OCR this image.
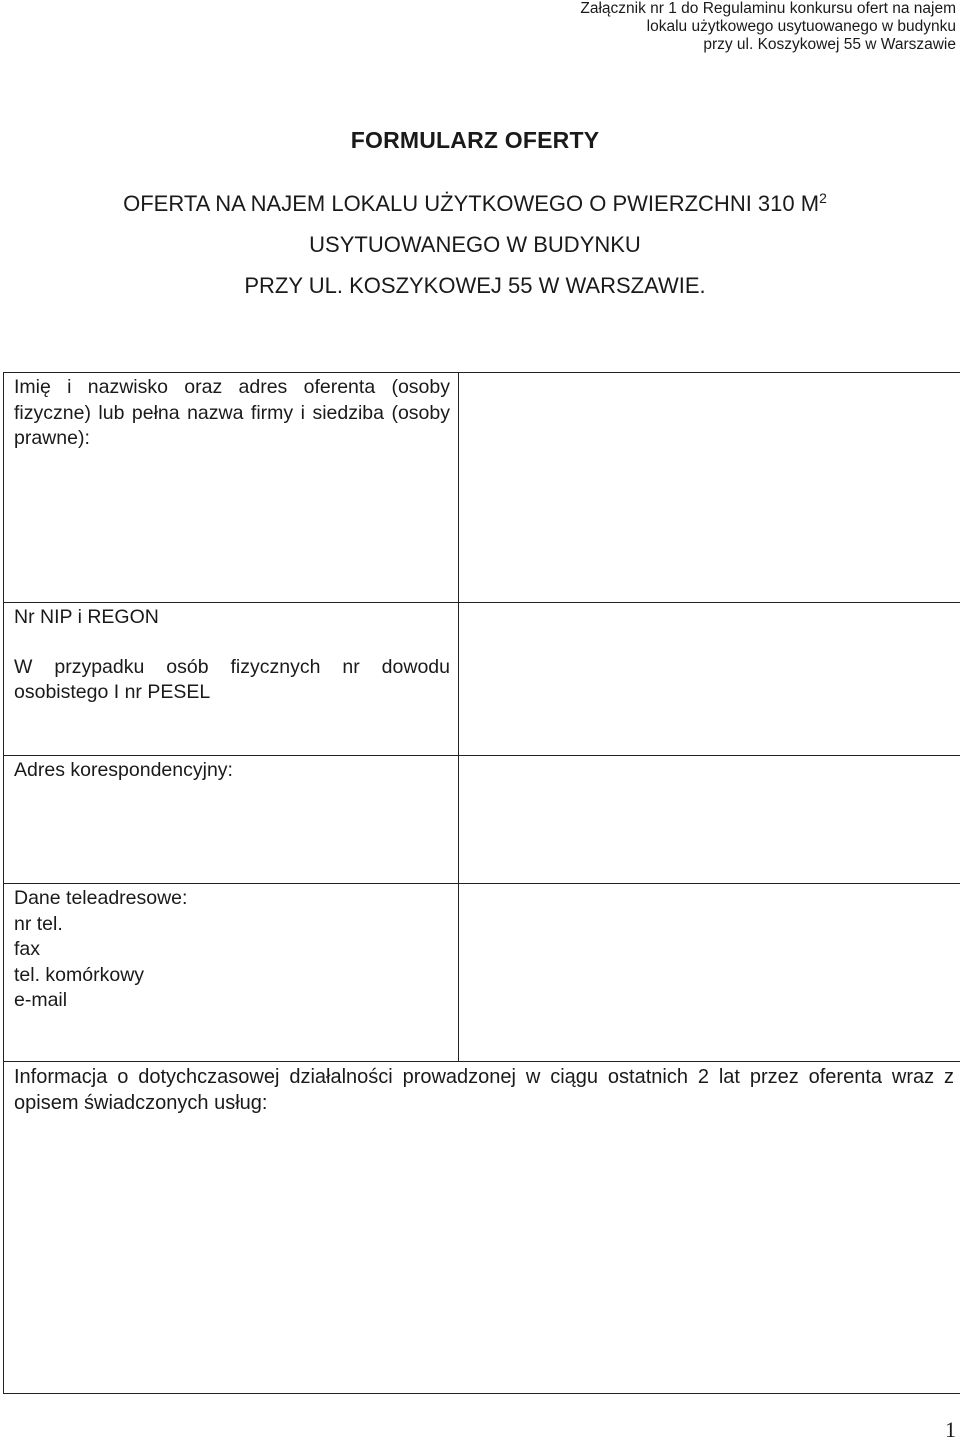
Załącznik nr 1 do Regulaminu konkursu ofert na najem
lokalu użytkowego usytuowanego w budynku
przy ul. Koszykowej 55 w Warszawie
FORMULARZ OFERTY
OFERTA NA NAJEM LOKALU UŻYTKOWEGO O PWIERZCHNI 310 $M^2$
USYTUOWANEGO W BUDYNKU
PRZY UL. KOSZYKOWEJ 55 W WARSZAWIE.
Imię i nazwisko oraz adres oferenta (osoby fizyczne) lub pełna nazwa firmy i siedziba (osoby prawne):	

Nr NIP i REGON
W przypadku osób fizycznych nr dowodu osobistego I nr PESEL	

Adres korespondencyjny:	

Dane teleadresowe:
nr tel.
fax
tel. komórkowy
e-mail	

Informacja o dotychczasowej działalności prowadzonej w ciągu ostatnich 2 lat przez oferenta wraz z opisem świadczonych usług:	
1
